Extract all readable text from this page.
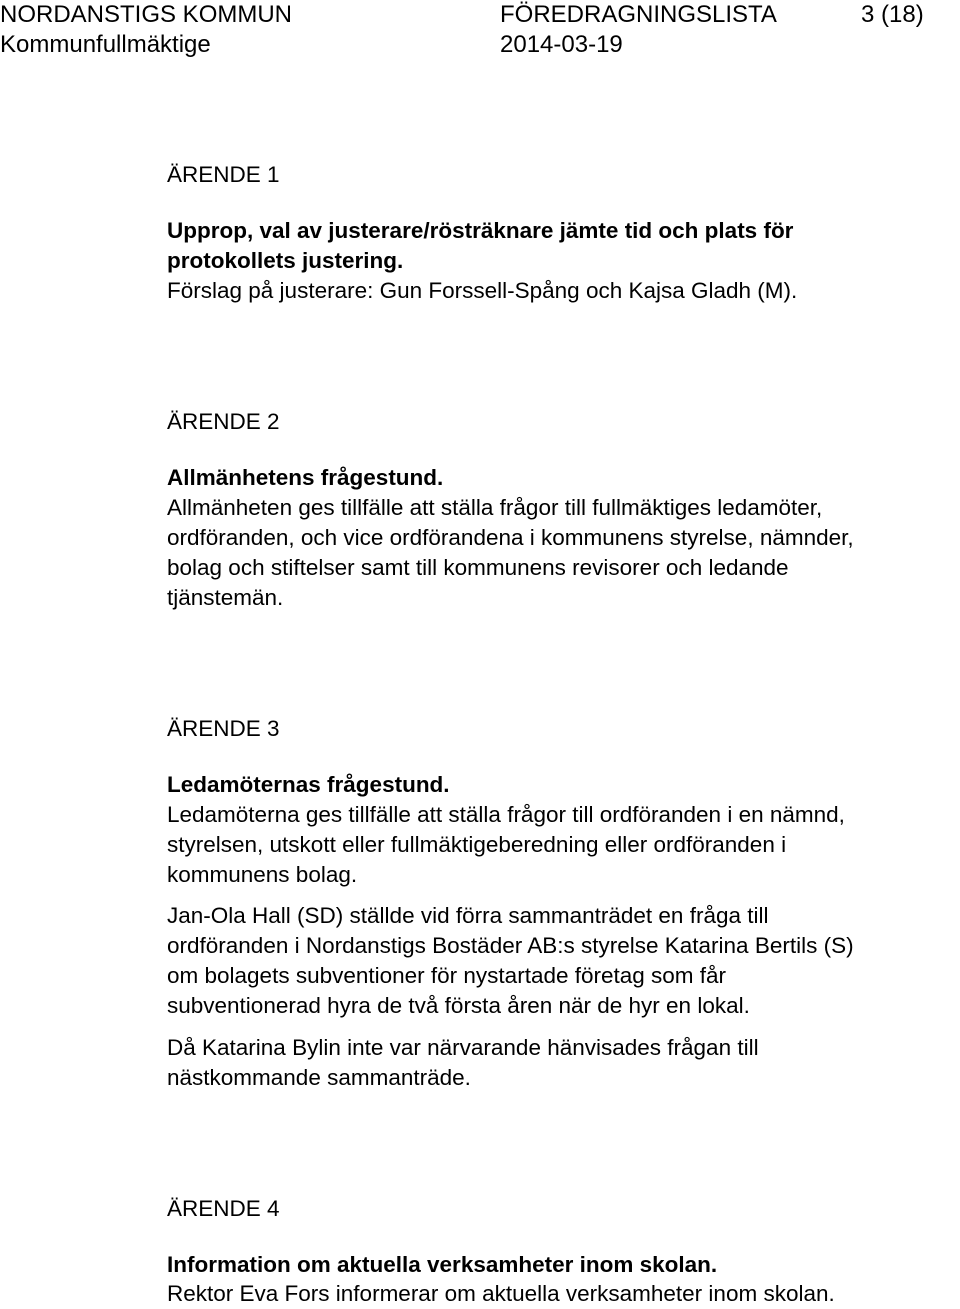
NORDANSTIGS KOMMUN	FÖREDRAGNINGSLISTA	3 (18)
Kommunfullmäktige	2014-03-19
ÄRENDE 1
Upprop, val av justerare/rösträknare jämte tid och plats för
protokollets justering.
Förslag på justerare: Gun Forssell-Spång och Kajsa Gladh (M).
ÄRENDE 2
Allmänhetens frågestund.
Allmänheten ges tillfälle att ställa frågor till fullmäktiges ledamöter,
ordföranden, och vice ordförandena i kommunens styrelse, nämnder,
bolag och stiftelser samt till kommunens revisorer och ledande
tjänstemän.
ÄRENDE 3
Ledamöternas frågestund.
Ledamöterna ges tillfälle att ställa frågor till ordföranden i en nämnd,
styrelsen, utskott eller fullmäktigeberedning eller ordföranden i
kommunens bolag.
Jan-Ola Hall (SD) ställde vid förra sammanträdet en fråga till
ordföranden i Nordanstigs Bostäder AB:s styrelse Katarina Bertils (S)
om bolagets subventioner för nystartade företag som får
subventionerad hyra de två första åren när de hyr en lokal.
Då Katarina Bylin inte var närvarande hänvisades frågan till
nästkommande sammanträde.
ÄRENDE 4
Information om aktuella verksamheter inom skolan.
Rektor Eva Fors informerar om aktuella verksamheter inom skolan.
